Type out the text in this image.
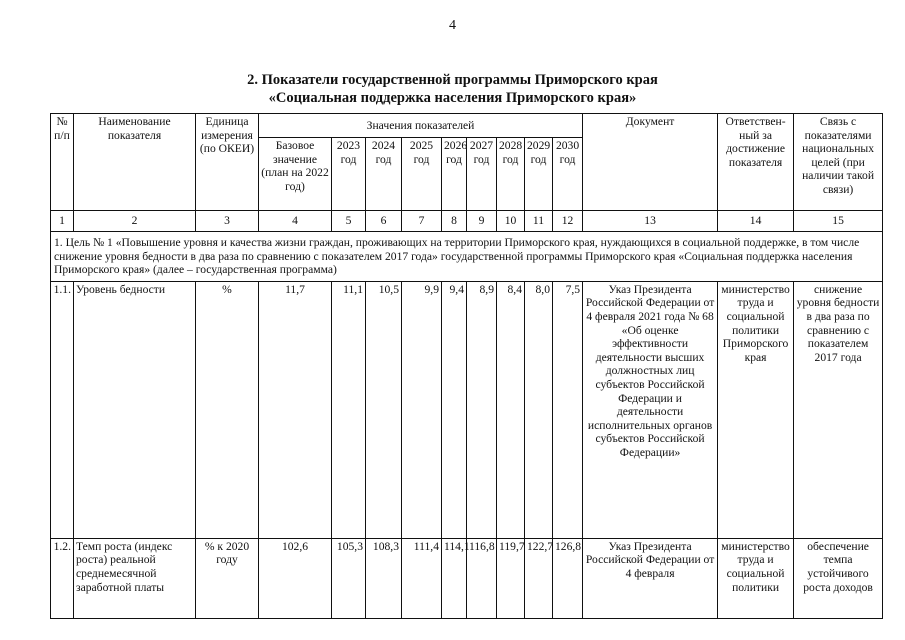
4
2. Показатели государственной программы Приморского края
«Социальная поддержка населения Приморского края»
№ п/п	Наименование показателя	Единица измерения (по ОКЕИ)	Значения показателей									Документ	Ответствен-ный за достижение показателя	Связь с показателями национальных целей (при наличии такой связи)
			Базовое значение (план на 2022 год)	2023 год	2024 год	2025 год	2026 год	2027 год	2028 год	2029 год	2030 год			
1	2	3	4	5	6	7	8	9	10	11	12	13	14	15
1. Цель № 1 «Повышение уровня и качества жизни граждан, проживающих на территории Приморского края, нуждающихся в социальной поддержке, в том числе снижение уровня бедности в два раза по сравнению с показателем 2017 года» государственной программы Приморского края «Социальная поддержка населения Приморского края» (далее – государственная программа)														
1.1.	Уровень бедности	%	11,7	11,1	10,5	9,9	9,4	8,9	8,4	8,0	7,5	Указ Президента Российской Федерации от 4 февраля 2021 года № 68 «Об оценке эффективности деятельности высших должностных лиц субъектов Российской Федерации и деятельности исполнительных органов субъектов Российской Федерации»	министерство труда и социальной политики Приморского края	снижение уровня бедности в два раза по сравнению с показателем 2017 года
1.2.	Темп роста (индекс роста) реальной среднемесячной заработной платы	% к 2020 году	102,6	105,3	108,3	111,4	114,1	116,8	119,7	122,7	126,8	Указ Президента Российской Федерации от 4 февраля	министерство труда и социальной политики	обеспечение темпа устойчивого роста доходов
